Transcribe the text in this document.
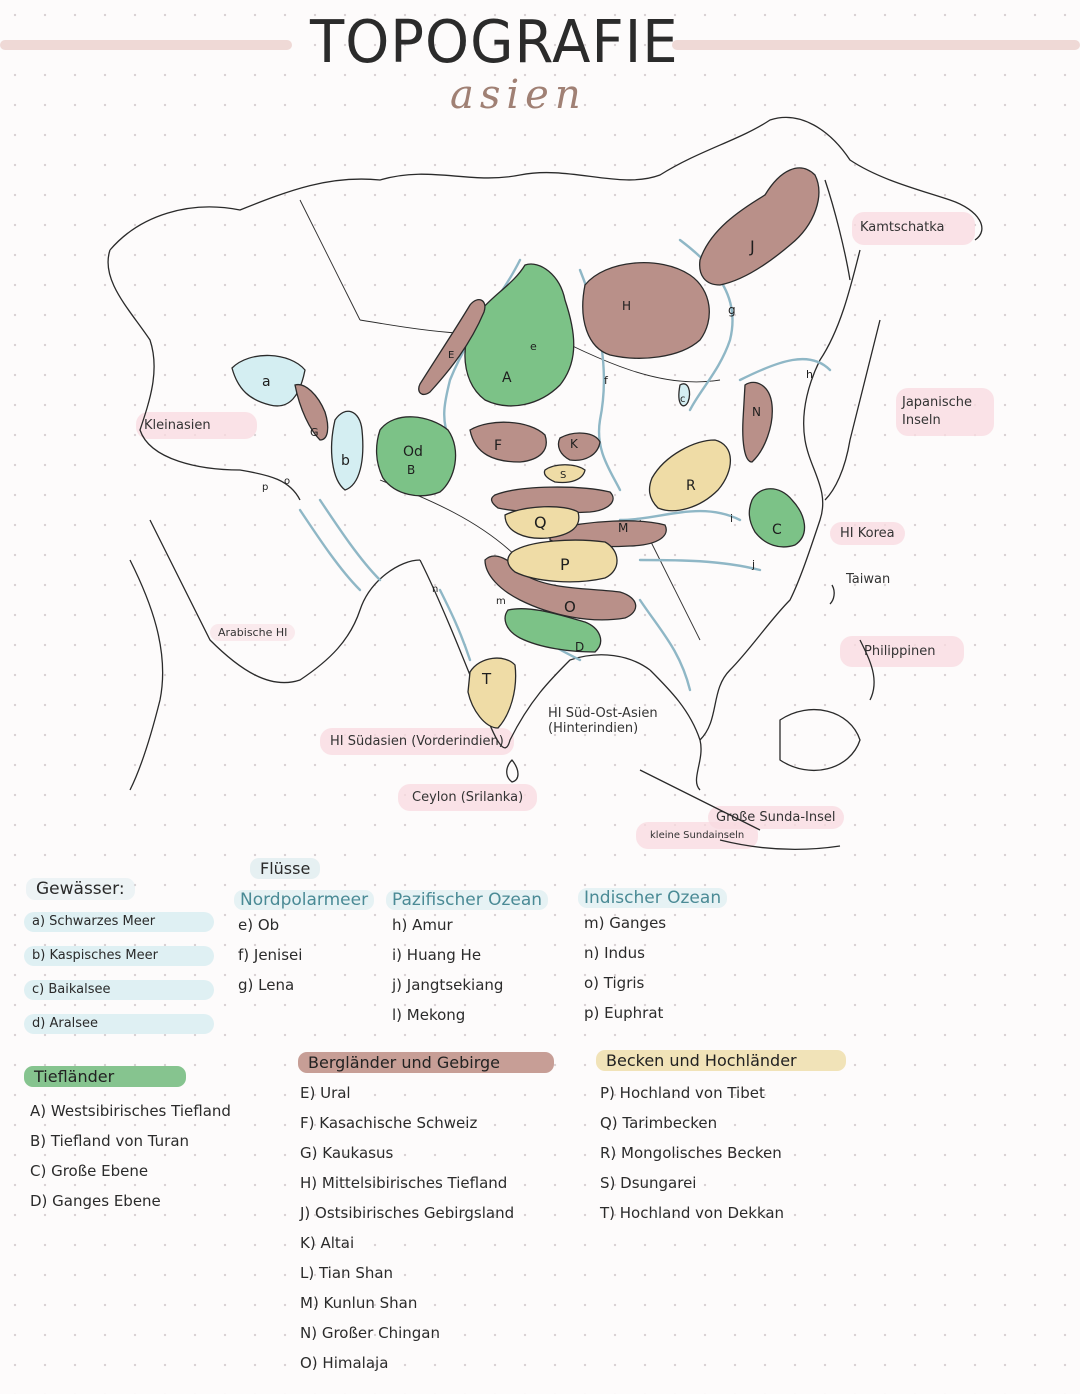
TOPOGRAFIE
asien
Kleinasien
Arabische HI
HI Südasien (Vorderindien)
Ceylon (Srilanka)
HI Süd-Ost-Asien
(Hinterindien)
kleine Sundainseln
Große Sunda-Insel
Philippinen
Taiwan
HI Korea
Japanische
Inseln
Kamtschatka
a
b
c
e
f
g
h
i
j
m
n
o
p
A
Od
B
C
D
E
F
G
H
J
K
M
N
O
P
Q
R
S
T
Gewässer:
a) Schwarzes Meer
b) Kaspisches Meer
c) Baikalsee
d) Aralsee
Flüsse
Nordpolarmeer
e) Ob
f) Jenisei
g) Lena
Pazifischer Ozean
h) Amur
i) Huang He
j) Jangtsekiang
l) Mekong
Indischer Ozean
m) Ganges
n) Indus
o) Tigris
p) Euphrat
Tiefländer
A) Westsibirisches Tiefland
B) Tiefland von Turan
C) Große Ebene
D) Ganges Ebene
Bergländer und Gebirge
E) Ural
F) Kasachische Schweiz
G) Kaukasus
H) Mittelsibirisches Tiefland
J) Ostsibirisches Gebirgsland
K) Altai
L) Tian Shan
M) Kunlun Shan
N) Großer Chingan
O) Himalaja
Becken und Hochländer
P) Hochland von Tibet
Q) Tarimbecken
R) Mongolisches Becken
S) Dsungarei
T) Hochland von Dekkan
